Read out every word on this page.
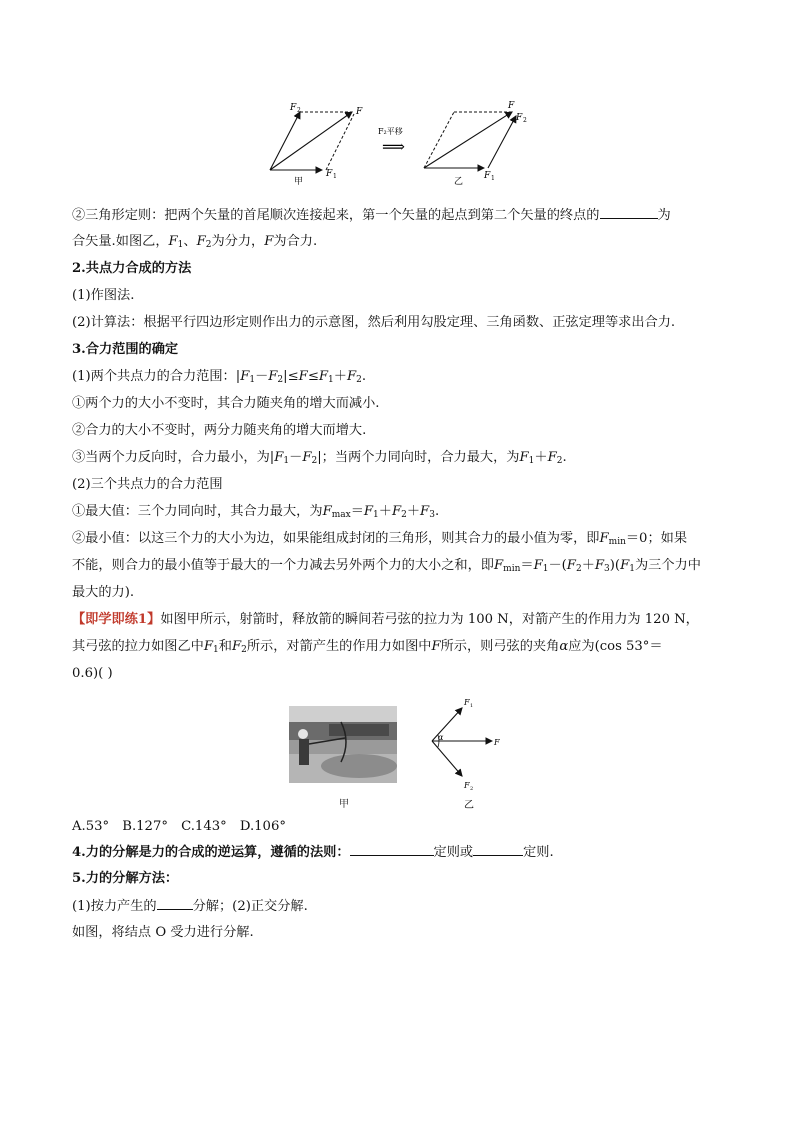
F 2	F
F 1
甲
F₂平移
⟹
F
F 2
F 1
乙
②三角形定则：把两个矢量的首尾顺次连接起来，第一个矢量的起点到第二个矢量的终点的	为
合矢量.如图乙，$F_1$、$F_2$为分力，F为合力.
2.共点力合成的方法
(1)作图法.
(2)计算法：根据平行四边形定则作出力的示意图，然后利用勾股定理、三角函数、正弦定理等求出合力.
3.合力范围的确定
(1)两个共点力的合力范围：$|F_1-F_2|\le F\le F_1+F_2$.
①两个力的大小不变时，其合力随夹角的增大而减小.
②合力的大小不变时，两分力随夹角的增大而增大.
③当两个力反向时，合力最小，为$|F_1-F_2|$；当两个力同向时，合力最大，为$F_1+F_2$.
(2)三个共点力的合力范围
①最大值：三个力同向时，其合力最大，为$F_{max}=F_1+F_2+F_3$.
②最小值：以这三个力的大小为边，如果能组成封闭的三角形，则其合力的最小值为零，即$F_{min}=0$；如果
不能，则合力的最小值等于最大的一个力减去另外两个力的大小之和，即$F_{min}=F_1-(F_2+F_3)(F_1$为三个力中
最大的力).
【即学即练1】如图甲所示，射箭时，释放箭的瞬间若弓弦的拉力为 100 N，对箭产生的作用力为 120 N，
其弓弦的拉力如图乙中$F_1$和$F_2$所示，对箭产生的作用力如图中F所示，则弓弦的夹角α应为(cos 53°＝
0.6)( )
甲
α
F 1
F
F 2
乙
A.53°　B.127°　C.143°　D.106°
4.力的分解是力的合成的逆运算，遵循的法则：	定则或	定则.
5.力的分解方法：
(1)按力产生的	分解；(2)正交分解.
如图，将结点 O 受力进行分解.
